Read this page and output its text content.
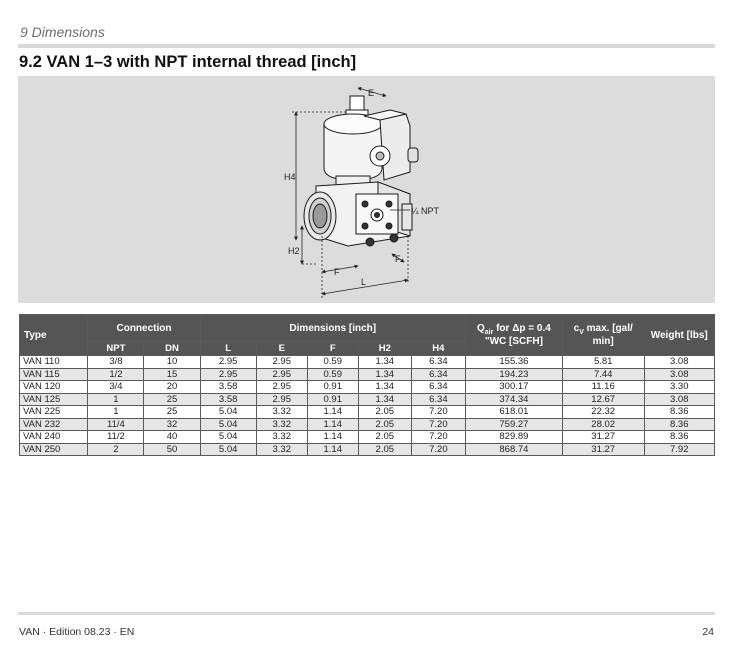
9 Dimensions
9.2 VAN 1–3 with NPT internal thread [inch]
E
H4
H2
F
F
L
¼ NPT
Type	Connection		Dimensions [inch]					$Q_{air}$ for Δp = 0.4 "WC [SCFH]	$c_V$ max. [gal/ min]	Weight [lbs]
	NPT	DN	L	E	F	H2	H4			
VAN 110	3/8	10	2.95	2.95	0.59	1.34	6.34	155.36	5.81	3.08
VAN 115	1/2	15	2.95	2.95	0.59	1.34	6.34	194.23	7.44	3.08
VAN 120	3/4	20	3.58	2.95	0.91	1.34	6.34	300.17	11.16	3.30
VAN 125	1	25	3.58	2.95	0.91	1.34	6.34	374.34	12.67	3.08
VAN 225	1	25	5.04	3.32	1.14	2.05	7.20	618.01	22.32	8.36
VAN 232	11/4	32	5.04	3.32	1.14	2.05	7.20	759.27	28.02	8.36
VAN 240	11/2	40	5.04	3.32	1.14	2.05	7.20	829.89	31.27	8.36
VAN 250	2	50	5.04	3.32	1.14	2.05	7.20	868.74	31.27	7.92
VAN · Edition 08.23 · EN	24
